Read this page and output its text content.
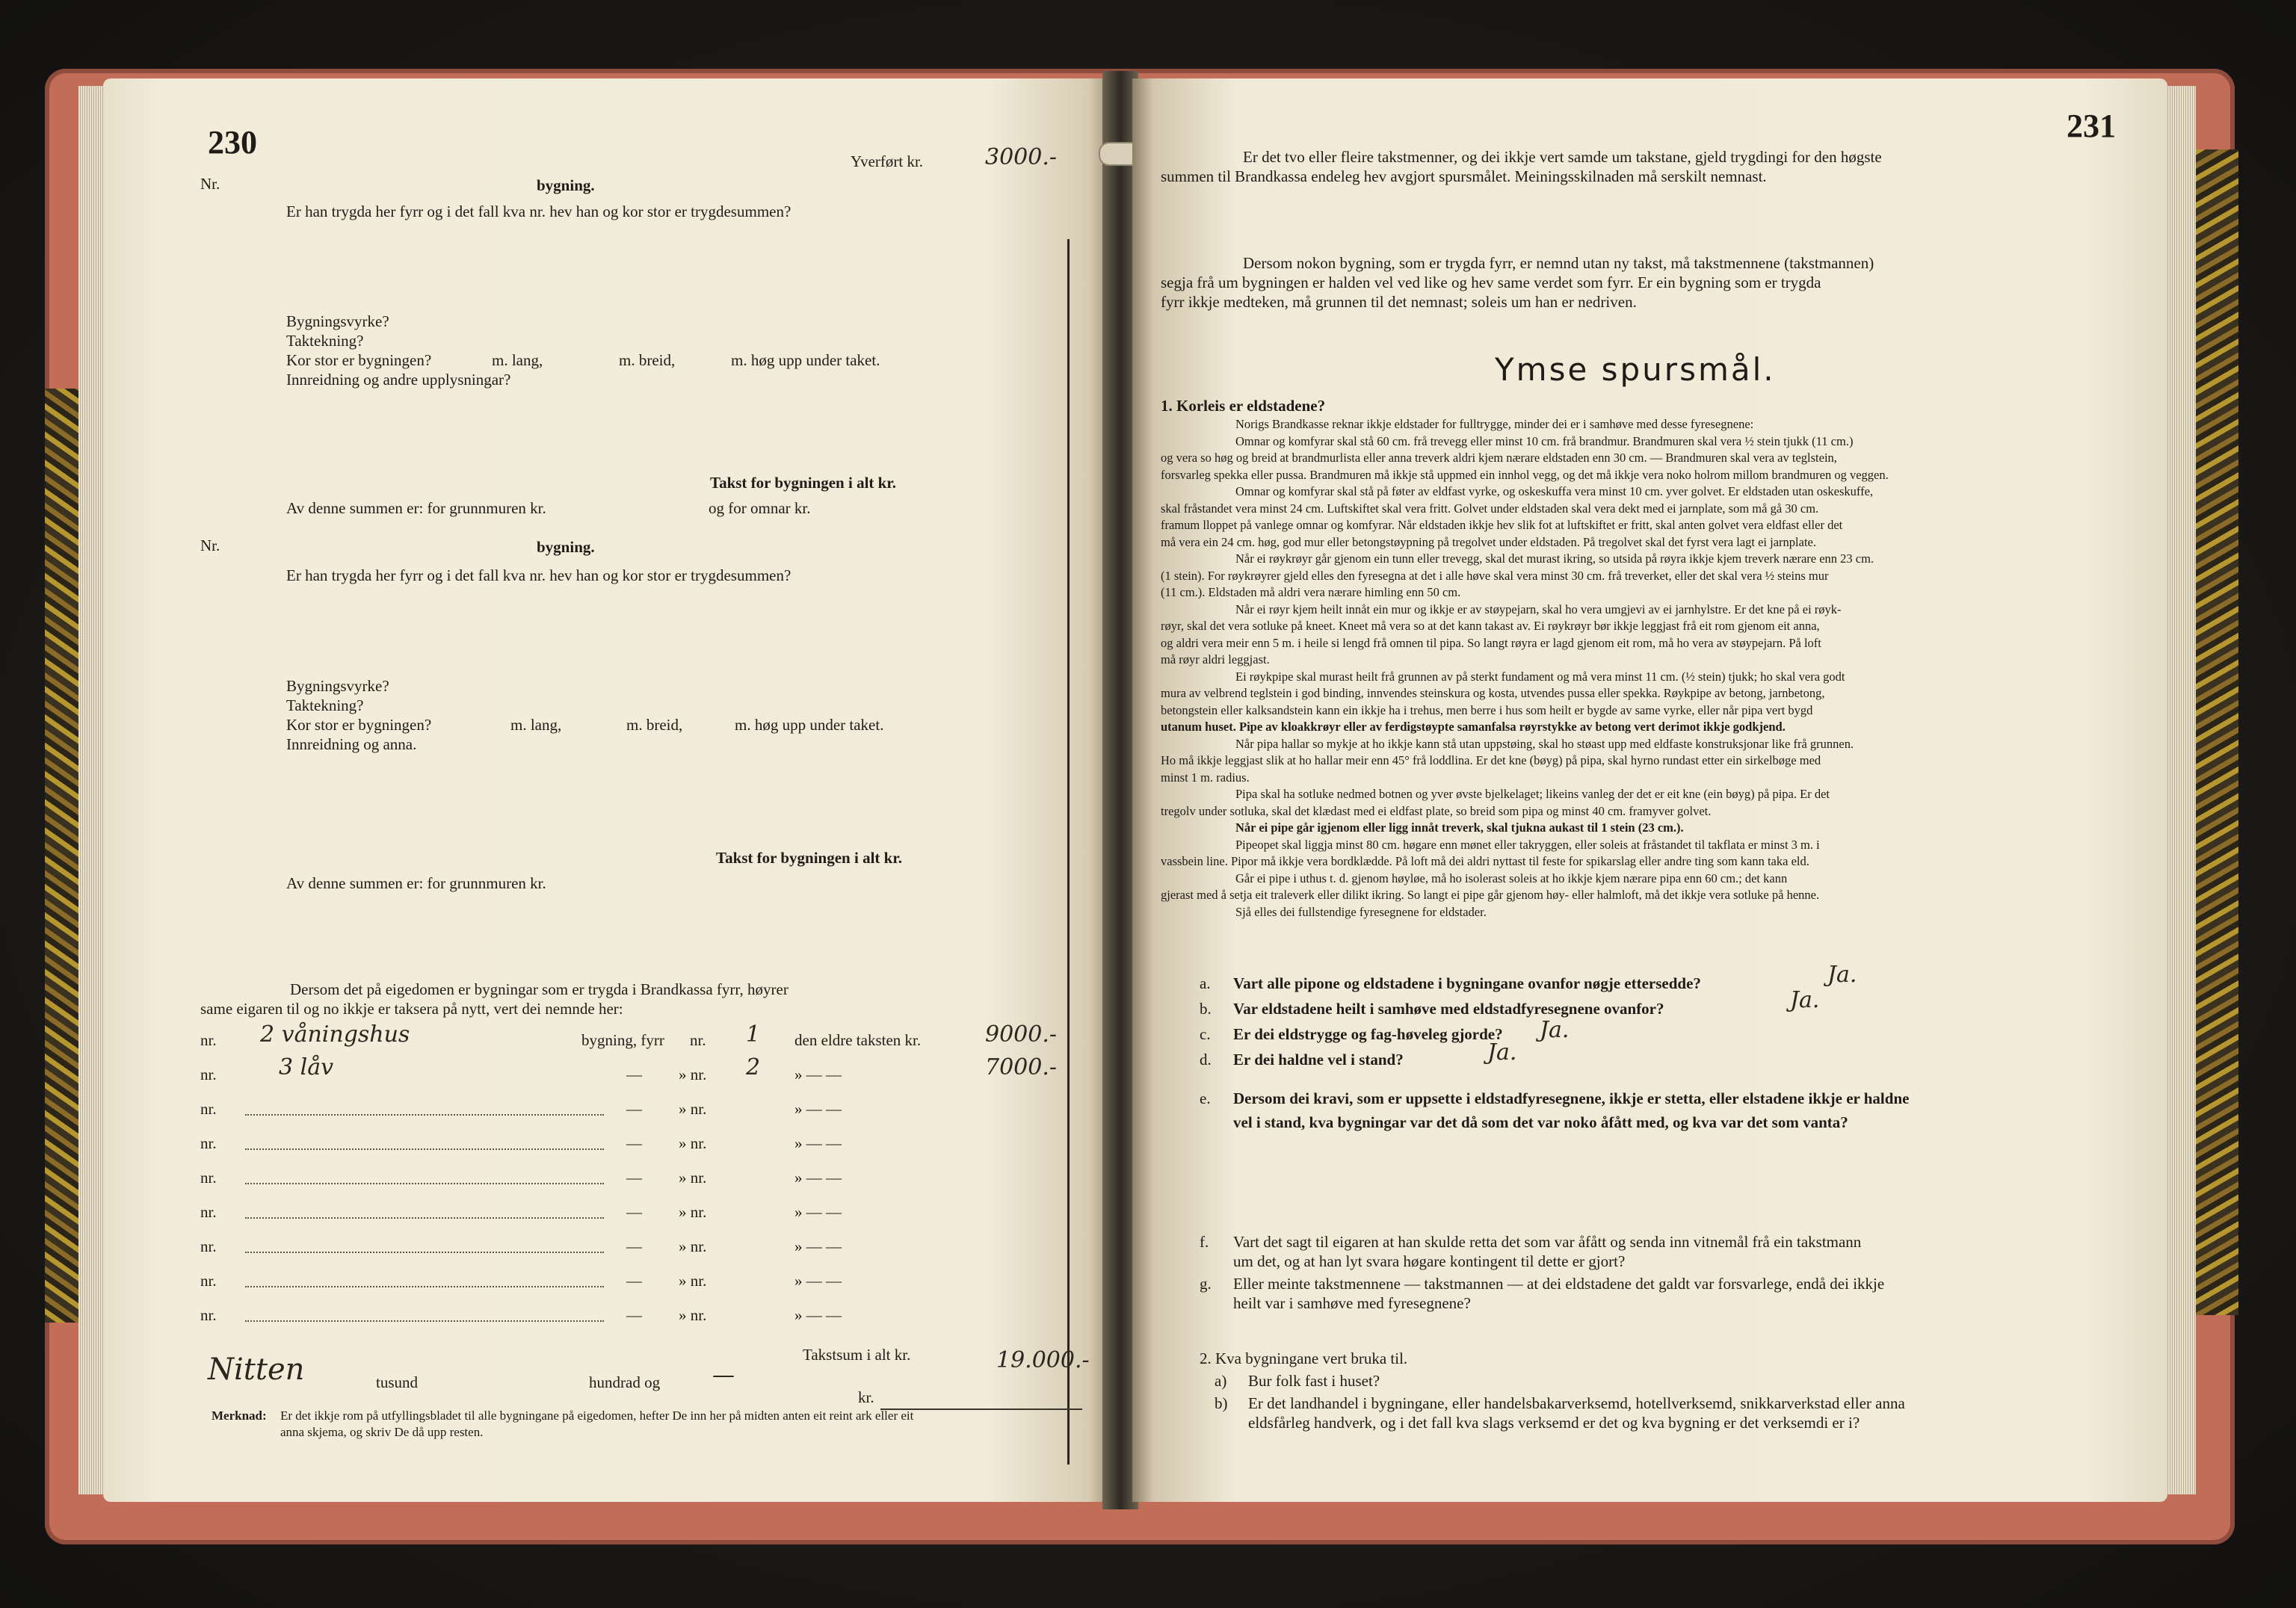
230
Yverført kr.	3000.-
Nr.	bygning.
Er han trygda her fyrr og i det fall kva nr. hev han og kor stor er trygdesummen?
Bygningsvyrke?
Taktekning?
Kor stor er bygningen?	m. lang,	m. breid,	m. høg upp under taket.
Innreidning og andre upplysningar?
Takst for bygningen i alt kr.
Av denne summen er: for grunnmuren kr.	og for omnar kr.
Nr.	bygning.
Er han trygda her fyrr og i det fall kva nr. hev han og kor stor er trygdesummen?
Bygningsvyrke?
Taktekning?
Kor stor er bygningen?	m. lang,	m. breid,	m. høg upp under taket.
Innreidning og anna.
Takst for bygningen i alt kr.
Av denne summen er: for grunnmuren kr.
Dersom det på eigedomen er bygningar som er trygda i Brandkassa fyrr, høyrer
same eigaren til og no ikkje er taksera på nytt, vert dei nemnde her:
nr. 2 våningshus	bygning, fyrr nr. 1 den eldre taksten kr.	9000.-
nr.	3 låv	— » nr. 2 » — —	7000.-
nr.	— » nr.	» — —
nr.	— » nr.	» — —
nr.	— » nr.	» — —
nr.	— » nr.	» — —
nr.	— » nr.	» — —
nr.	— » nr.	» — —
nr.	— » nr.	» — —
Takstsum i alt kr.	19.000.-
Nitten	tusund	hundrad og —
kr.
Merknad: Er det ikkje rom på utfyllingsbladet til alle bygningane på eigedomen, hefter De inn her på midten anten eit reint ark eller eit
anna skjema, og skriv De då upp resten.
231
Er det tvo eller fleire takstmenner, og dei ikkje vert samde um takstane, gjeld trygdingi for den høgste
summen til Brandkassa endeleg hev avgjort spursmålet. Meiningsskilnaden må serskilt nemnast.
Dersom nokon bygning, som er trygda fyrr, er nemnd utan ny takst, må takstmennene (takstmannen)
segja frå um bygningen er halden vel ved like og hev same verdet som fyrr. Er ein bygning som er trygda
fyrr ikkje medteken, må grunnen til det nemnast; soleis um han er nedriven.
Ymse spursmål.
1. Korleis er eldstadene?
Norigs Brandkasse reknar ikkje eldstader for fulltrygge, minder dei er i samhøve med desse fyresegnene:
Omnar og komfyrar skal stå 60 cm. frå trevegg eller minst 10 cm. frå brandmur. Brandmuren skal vera ½ stein tjukk (11 cm.)
og vera so høg og breid at brandmurlista eller anna treverk aldri kjem nærare eldstaden enn 30 cm. — Brandmuren skal vera av teglstein,
forsvarleg spekka eller pussa. Brandmuren må ikkje stå uppmed ein innhol vegg, og det må ikkje vera noko holrom millom brandmuren og veggen.
Omnar og komfyrar skal stå på føter av eldfast vyrke, og oskeskuffa vera minst 10 cm. yver golvet. Er eldstaden utan oskeskuffe,
skal fråstandet vera minst 24 cm. Luftskiftet skal vera fritt. Golvet under eldstaden skal vera dekt med ei jarnplate, som må gå 30 cm.
framum lloppet på vanlege omnar og komfyrar. Når eldstaden ikkje hev slik fot at luftskiftet er fritt, skal anten golvet vera eldfast eller det
må vera ein 24 cm. høg, god mur eller betongstøypning på tregolvet under eldstaden. På tregolvet skal det fyrst vera lagt ei jarnplate.
Når ei røykrøyr går gjenom ein tunn eller trevegg, skal det murast ikring, so utsida på røyra ikkje kjem treverk nærare enn 23 cm.
(1 stein). For røykrøyrer gjeld elles den fyresegna at det i alle høve skal vera minst 30 cm. frå treverket, eller det skal vera ½ steins mur
(11 cm.). Eldstaden må aldri vera nærare himling enn 50 cm.
Når ei røyr kjem heilt innåt ein mur og ikkje er av støypejarn, skal ho vera umgjevi av ei jarnhylstre. Er det kne på ei røyk-
røyr, skal det vera sotluke på kneet. Kneet må vera so at det kann takast av. Ei røykrøyr bør ikkje leggjast frå eit rom gjenom eit anna,
og aldri vera meir enn 5 m. i heile si lengd frå omnen til pipa. So langt røyra er lagd gjenom eit rom, må ho vera av støypejarn. På loft
må røyr aldri leggjast.
Ei røykpipe skal murast heilt frå grunnen av på sterkt fundament og må vera minst 11 cm. (½ stein) tjukk; ho skal vera godt
mura av velbrend teglstein i god binding, innvendes steinskura og kosta, utvendes pussa eller spekka. Røykpipe av betong, jarnbetong,
betongstein eller kalksandstein kann ein ikkje ha i trehus, men berre i hus som heilt er bygde av same vyrke, eller når pipa vert bygd
utanum huset. Pipe av kloakkrøyr eller av ferdigstøypte samanfalsa røyrstykke av betong vert derimot ikkje godkjend.
Når pipa hallar so mykje at ho ikkje kann stå utan uppstøing, skal ho støast upp med eldfaste konstruksjonar like frå grunnen.
Ho må ikkje leggjast slik at ho hallar meir enn 45° frå loddlina. Er det kne (bøyg) på pipa, skal hyrno rundast etter ein sirkelbøge med
minst 1 m. radius.
Pipa skal ha sotluke nedmed botnen og yver øvste bjelkelaget; likeins vanleg der det er eit kne (ein bøyg) på pipa. Er det
tregolv under sotluka, skal det klædast med ei eldfast plate, so breid som pipa og minst 40 cm. framyver golvet.
Når ei pipe går igjenom eller ligg innåt treverk, skal tjukna aukast til 1 stein (23 cm.).
Pipeopet skal liggja minst 80 cm. høgare enn mønet eller takryggen, eller soleis at fråstandet til takflata er minst 3 m. i
vassbein line. Pipor må ikkje vera bordklædde. På loft må dei aldri nyttast til feste for spikarslag eller andre ting som kann taka eld.
Går ei pipe i uthus t. d. gjenom høyløe, må ho isolerast soleis at ho ikkje kjem nærare pipa enn 60 cm.; det kann
gjerast med å setja eit traleverk eller dilikt ikring. So langt ei pipe går gjenom høy- eller halmloft, må det ikkje vera sotluke på henne.
Sjå elles dei fullstendige fyresegnene for eldstader.
a. Vart alle pipone og eldstadene i bygningane ovanfor nøgje ettersedde?	Ja.
b. Var eldstadene heilt i samhøve med eldstadfyresegnene ovanfor?	Ja.
c. Er dei eldstrygge og fag-høveleg gjorde? Ja.
d. Er dei haldne vel i stand?	Ja.
e. Dersom dei kravi, som er uppsette i eldstadfyresegnene, ikkje er stetta, eller elstadene ikkje er haldne
vel i stand, kva bygningar var det då som det var noko åfått med, og kva var det som vanta?
f. Vart det sagt til eigaren at han skulde retta det som var åfått og senda inn vitnemål frå ein takstmann
um det, og at han lyt svara høgare kontingent til dette er gjort?
g. Eller meinte takstmennene — takstmannen — at dei eldstadene det galdt var forsvarlege, endå dei ikkje
heilt var i samhøve med fyresegnene?
2. Kva bygningane vert bruka til.
a) Bur folk fast i huset?
b) Er det landhandel i bygningane, eller handelsbakarverksemd, hotellverksemd, snikkarverkstad eller anna
eldsfårleg handverk, og i det fall kva slags verksemd er det og kva bygning er det verksemdi er i?
